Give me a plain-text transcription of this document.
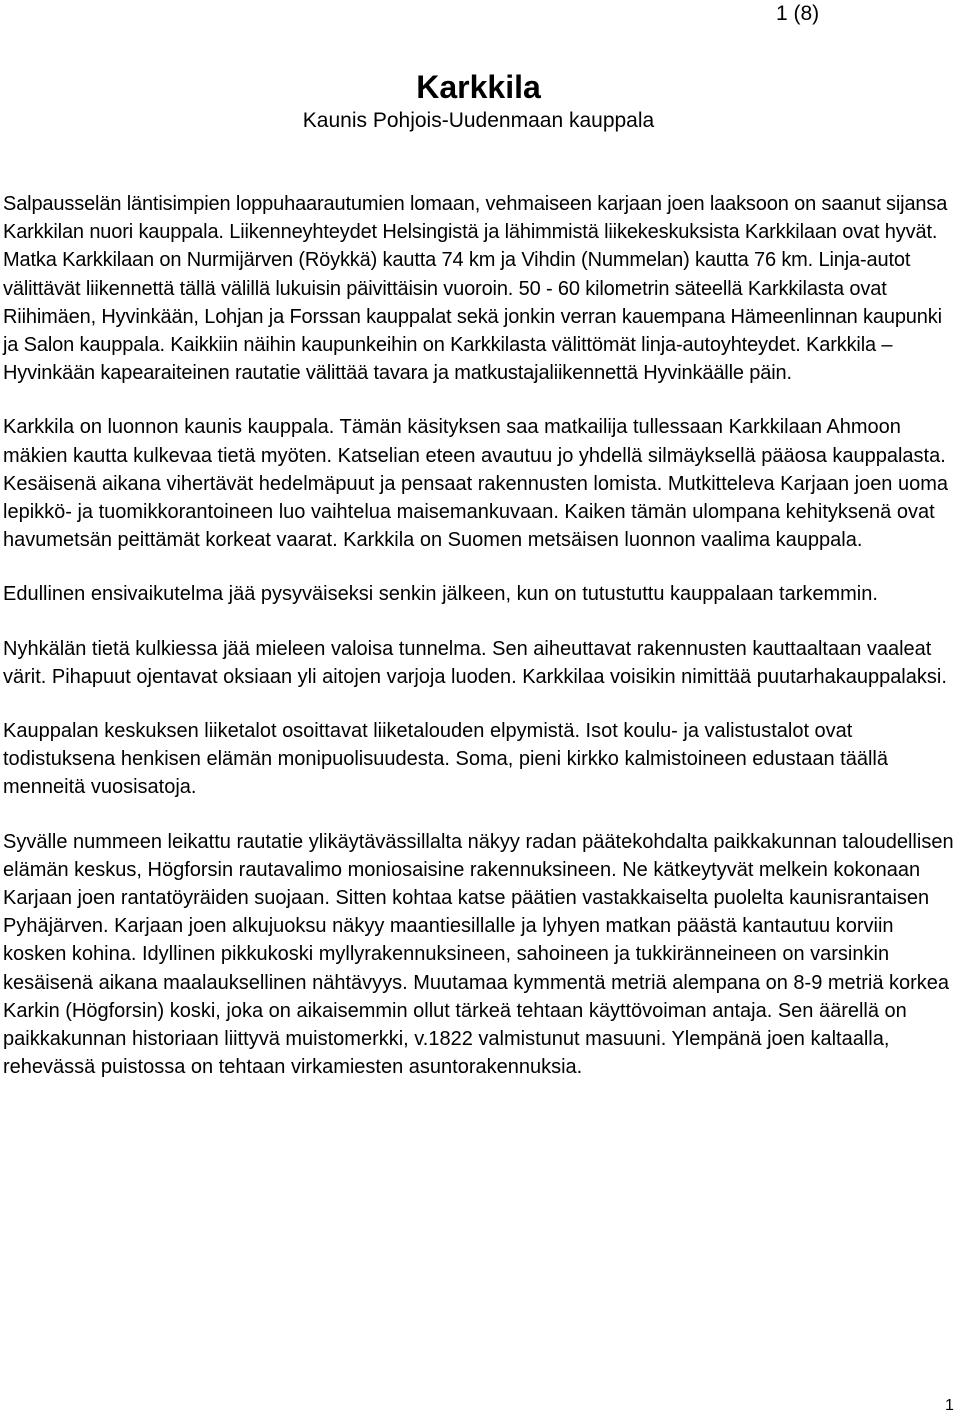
1 (8)
Karkkila
Kaunis Pohjois-Uudenmaan kauppala

Salpausselän läntisimpien loppuhaarautumien lomaan, vehmaiseen karjaan joen laaksoon on saanut sijansa Karkkilan nuori kauppala. Liikenneyhteydet Helsingistä ja lähimmistä liikekeskuksista Karkkilaan ovat hyvät. Matka Karkkilaan on Nurmijärven (Röykkä) kautta 74 km ja Vihdin (Nummelan) kautta 76 km. Linja-autot välittävät liikennettä tällä välillä lukuisin päivittäisin vuoroin. 50 - 60 kilometrin säteellä Karkkilasta ovat Riihimäen, Hyvinkään, Lohjan ja Forssan kauppalat sekä jonkin verran kauempana Hämeenlinnan kaupunki ja Salon kauppala. Kaikkiin näihin kaupunkeihin on Karkkilasta välittömät linja-autoyhteydet. Karkkila – Hyvinkään kapearaiteinen rautatie välittää tavara ja matkustajaliikennettä Hyvinkäälle päin.

Karkkila on luonnon kaunis kauppala. Tämän käsityksen saa matkailija tullessaan Karkkilaan Ahmoon mäkien kautta kulkevaa tietä myöten. Katselian eteen avautuu jo yhdellä silmäyksellä pääosa kauppalasta. Kesäisenä aikana vihertävät hedelmäpuut ja pensaat rakennusten lomista. Mutkitteleva Karjaan joen uoma lepikkö- ja tuomikkorantoineen luo vaihtelua maisemankuvaan. Kaiken tämän ulompana kehityksenä ovat havumetsän peittämät korkeat vaarat. Karkkila on Suomen metsäisen luonnon vaalima kauppala.

Edullinen ensivaikutelma jää pysyväiseksi senkin jälkeen, kun on tutustuttu kauppalaan tarkemmin.

Nyhkälän tietä kulkiessa jää mieleen valoisa tunnelma. Sen aiheuttavat rakennusten kauttaaltaan vaaleat värit. Pihapuut ojentavat oksiaan yli aitojen varjoja luoden. Karkkilaa voisikin nimittää puutarhakauppalaksi.

Kauppalan keskuksen liiketalot osoittavat liiketalouden elpymistä. Isot koulu- ja valistustalot ovat todistuksena henkisen elämän monipuolisuudesta. Soma, pieni kirkko kalmistoineen edustaan täällä menneitä vuosisatoja.

Syvälle nummeen leikattu rautatie ylikäytävässillalta näkyy radan päätekohdalta paikkakunnan taloudellisen elämän keskus, Högforsin rautavalimo moniosaisine rakennuksineen. Ne kätkeytyvät melkein kokonaan Karjaan joen rantatöyräiden suojaan. Sitten kohtaa katse päätien vastakkaiselta puolelta kaunisrantaisen Pyhäjärven. Karjaan joen alkujuoksu näkyy maantiesillalle ja lyhyen matkan päästä kantautuu korviin kosken kohina. Idyllinen pikkukoski myllyrakennuksineen, sahoineen ja tukkiränneineen on varsinkin kesäisenä aikana maalauksellinen nähtävyys. Muutamaa kymmentä metriä alempana on 8-9 metriä korkea Karkin (Högforsin) koski, joka on aikaisemmin ollut tärkeä tehtaan käyttövoiman antaja. Sen äärellä on paikkakunnan historiaan liittyvä muistomerkki, v.1822 valmistunut masuuni. Ylempänä joen kaltaalla, rehevässä puistossa on tehtaan virkamiesten asuntorakennuksia.

1
